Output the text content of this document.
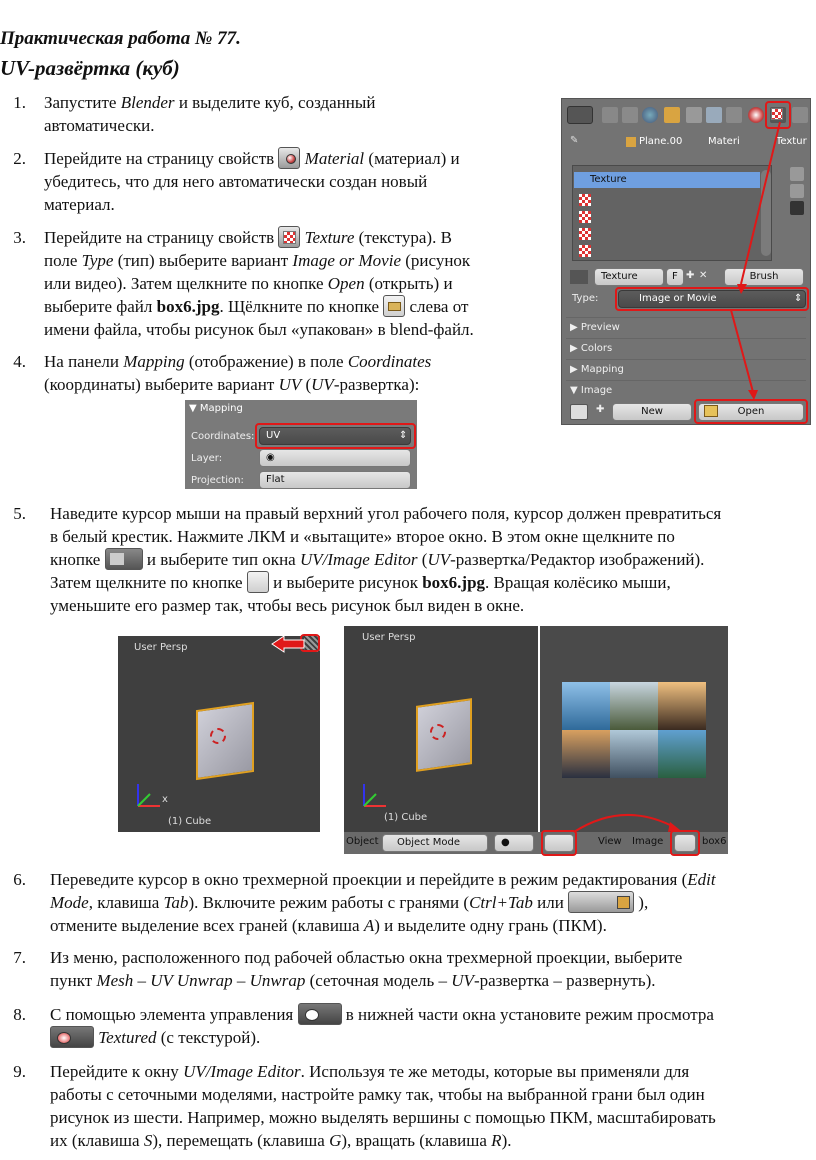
Практическая работа № 77.
UV-развёртка (куб)
1. Запустите Blender и выделите куб, созданный
автоматически.
2. Перейдите на страницу свойств
Material (материал) и
убедитесь, что для него автоматически создан новый
материал.
3. Перейдите на страницу свойств
Texture (текстура). В
поле Type (тип) выберите вариант Image or Movie (рисунок
или видео). Затем щелкните по кнопке Open (открыть) и
выберите файл box6.jpg. Щёлкните по кнопке
слева от
имени файла, чтобы рисунок был «упакован» в blend-файл.
4. На панели Mapping (отображение) в поле Coordinates
(координаты) выберите вариант UV (UV-развертка):
✎	Plane.00	Materi	Textur
Texture
Texture	F ✚ ✕	Brush
Type:	Image or Movie	⇕
▶ Preview
▶ Colors
▶ Mapping
▼ Image
✚	New	Open
▼ Mapping
Coordinates:	UV	⇕
Layer:	◉
Projection:	Flat
5. Наведите курсор мыши на правый верхний угол рабочего поля, курсор должен превратиться
в белый крестик. Нажмите ЛКМ и «вытащите» второе окно. В этом окне щелкните по
кнопке
и выберите тип окна UV/Image Editor (UV-развертка/Редактор изображений).
Затем щелкните по кнопке  и выберите рисунок box6.jpg. Вращая колёсико мыши,
уменьшите его размер так, чтобы весь рисунок был виден в окне.
User Persp
x
(1) Cube
User Persp
(1) Cube
Object	Object Mode	●	View Image	box6
6. Переведите курсор в окно трехмерной проекции и перейдите в режим редактирования (Edit
Mode, клавиша Tab). Включите режим работы с гранями (Ctrl+Tab или	),
отмените выделение всех граней (клавиша A) и выделите одну грань (ПКМ).
7. Из меню, расположенного под рабочей областью окна трехмерной проекции, выберите
пункт Mesh – UV Unwrap – Unwrap (сеточная модель – UV-развертка – развернуть).
8. С помощью элемента управления	в нижней части окна установите режим просмотра
Textured (с текстурой).
9. Перейдите к окну UV/Image Editor. Используя те же методы, которые вы применяли для
работы с сеточными моделями, настройте рамку так, чтобы на выбранной грани был один
рисунок из шести. Например, можно выделять вершины с помощью ПКМ, масштабировать
их (клавиша S), перемещать (клавиша G), вращать (клавиша R).
